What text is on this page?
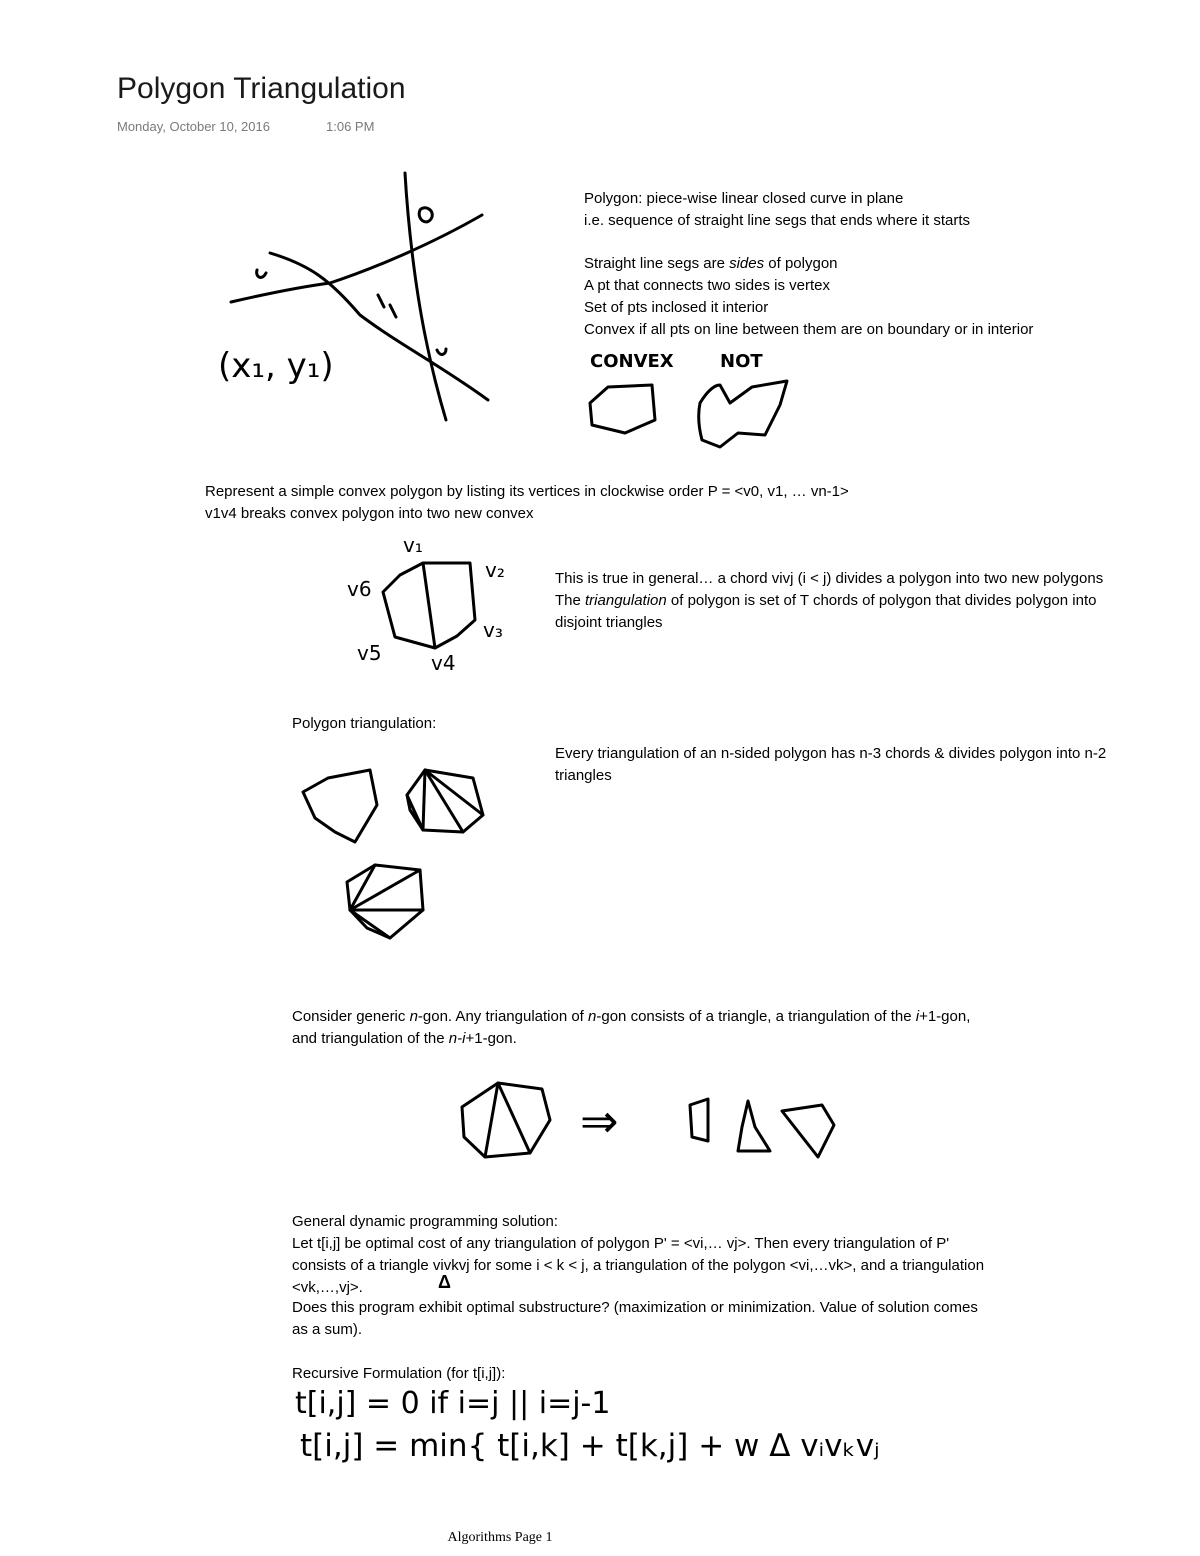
Polygon Triangulation
Monday, October 10, 2016	1:06 PM
(x₁, y₁)
Polygon: piece-wise linear closed curve in plane
i.e. sequence of straight line segs that ends where it starts
Straight line segs are sides of polygon
A pt that connects two sides is vertex
Set of pts inclosed it interior
Convex if all pts on line between them are on boundary or in interior
CONVEX	NOT
Represent a simple convex polygon by listing its vertices in clockwise order P = <v0, v1, … vn-1>
v1v4 breaks convex polygon into two new convex
v₁
v₂
v₃
v4
v5
v6	This is true in general… a chord vivj (i < j) divides a polygon into two new polygons
The triangulation of polygon is set of T chords of polygon that divides polygon into
disjoint triangles
Polygon triangulation:
Every triangulation of an n-sided polygon has n-3 chords & divides polygon into n-2
triangles
Consider generic n-gon. Any triangulation of n-gon consists of a triangle, a triangulation of the i+1-gon,
and triangulation of the n-i+1-gon.
⇒
General dynamic programming solution:
Let t[i,j] be optimal cost of any triangulation of polygon P' = <vi,… vj>. Then every triangulation of P'
consists of a triangle vivkvj for some i < k < j, a triangulation of the polygon <vi,…vk>, and a triangulation
<vk,…,vj>.	Δ
Does this program exhibit optimal substructure? (maximization or minimization. Value of solution comes
as a sum).
Recursive Formulation (for t[i,j]):
t[i,j] = 0 if i=j || i=j-1
t[i,j] = min{ t[i,k] + t[k,j] + w Δ vᵢvₖvⱼ
Algorithms Page 1
